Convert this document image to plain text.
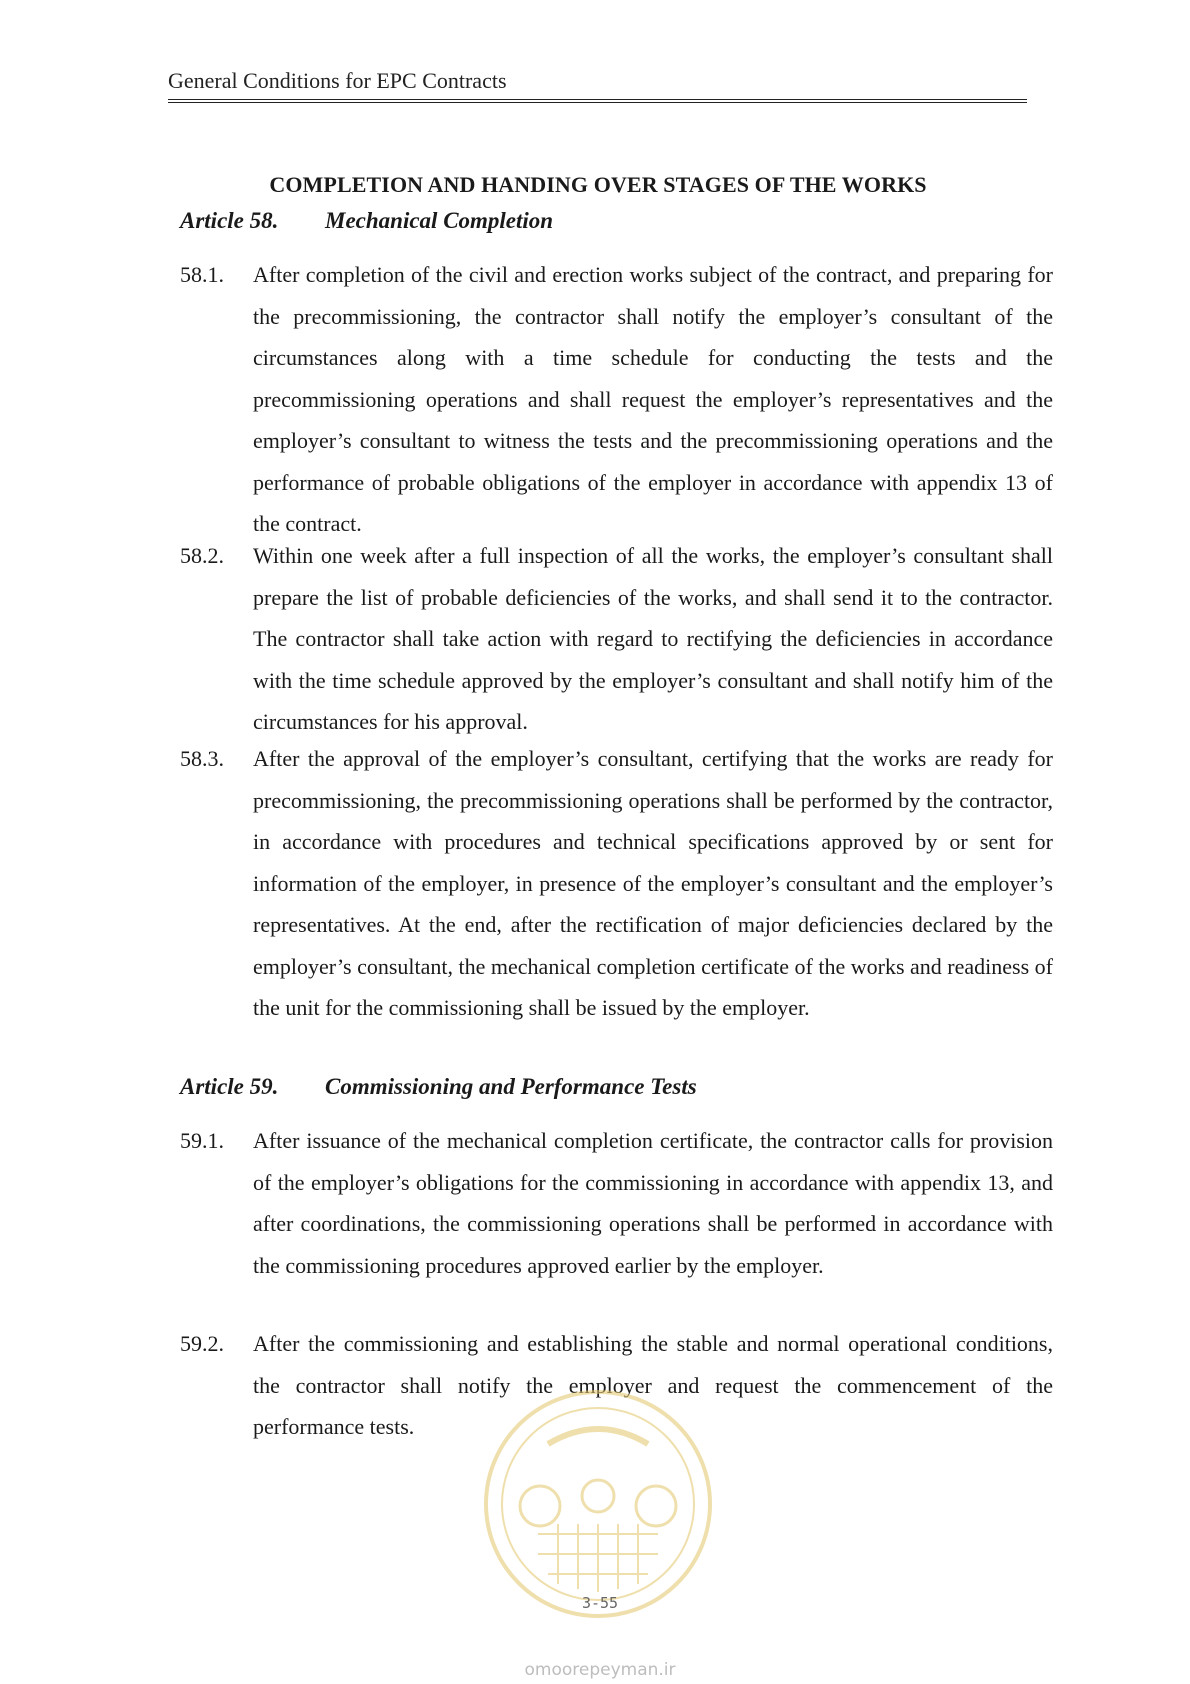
General Conditions for EPC Contracts
COMPLETION AND HANDING OVER STAGES OF THE WORKS
Article 58. Mechanical Completion
58.1. After completion of the civil and erection works subject of the contract, and preparing for the precommissioning, the contractor shall notify the employer’s consultant of the circumstances along with a time schedule for conducting the tests and the precommissioning operations and shall request the employer’s representatives and the employer’s consultant to witness the tests and the precommissioning operations and the performance of probable obligations of the employer in accordance with appendix 13 of the contract.
58.2. Within one week after a full inspection of all the works, the employer’s consultant shall prepare the list of probable deficiencies of the works, and shall send it to the contractor. The contractor shall take action with regard to rectifying the deficiencies in accordance with the time schedule approved by the employer’s consultant and shall notify him of the circumstances for his approval.
58.3. After the approval of the employer’s consultant, certifying that the works are ready for precommissioning, the precommissioning operations shall be performed by the contractor, in accordance with procedures and technical specifications approved by or sent for information of the employer, in presence of the employer’s consultant and the employer’s representatives. At the end, after the rectification of major deficiencies declared by the employer’s consultant, the mechanical completion certificate of the works and readiness of the unit for the commissioning shall be issued by the employer.
Article 59. Commissioning and Performance Tests
59.1. After issuance of the mechanical completion certificate, the contractor calls for provision of the employer’s obligations for the commissioning in accordance with appendix 13, and after coordinations, the commissioning operations shall be performed in accordance with the commissioning procedures approved earlier by the employer.
59.2. After the commissioning and establishing the stable and normal operational conditions, the contractor shall notify the employer and request the commencement of the performance tests.
3-55
omoorepeyman.ir
